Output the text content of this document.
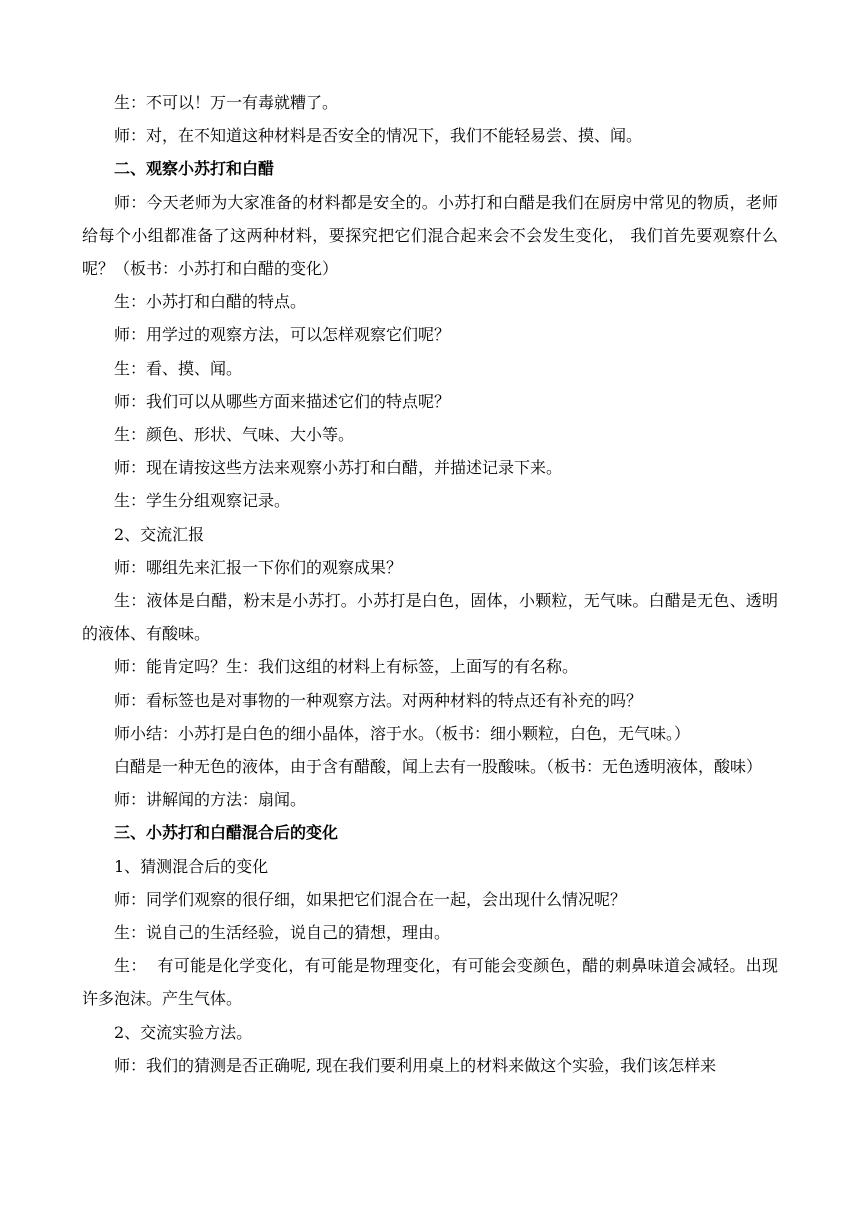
生：不可以！万一有毒就糟了。

师：对，在不知道这种材料是否安全的情况下，我们不能轻易尝、摸、闻。

二、观察小苏打和白醋

师：今天老师为大家准备的材料都是安全的。小苏打和白醋是我们在厨房中常见的物质，老师给每个小组都准备了这两种材料，要探究把它们混合起来会不会发生变化， 我们首先要观察什么呢？（板书：小苏打和白醋的变化）

生：小苏打和白醋的特点。

师：用学过的观察方法，可以怎样观察它们呢？

生：看、摸、闻。

师：我们可以从哪些方面来描述它们的特点呢？

生：颜色、形状、气味、大小等。

师：现在请按这些方法来观察小苏打和白醋，并描述记录下来。

生：学生分组观察记录。

2、交流汇报

师：哪组先来汇报一下你们的观察成果？

生：液体是白醋，粉末是小苏打。小苏打是白色，固体，小颗粒，无气味。白醋是无色、透明的液体、有酸味。

师：能肯定吗？生：我们这组的材料上有标签，上面写的有名称。

师：看标签也是对事物的一种观察方法。对两种材料的特点还有补充的吗？

师小结：小苏打是白色的细小晶体，溶于水。（板书：细小颗粒，白色，无气味。）

白醋是一种无色的液体，由于含有醋酸，闻上去有一股酸味。（板书：无色透明液体，酸味）

师：讲解闻的方法：扇闻。

三、小苏打和白醋混合后的变化

1、猜测混合后的变化

师：同学们观察的很仔细，如果把它们混合在一起，会出现什么情况呢？

生：说自己的生活经验，说自己的猜想，理由。

生：  有可能是化学变化，有可能是物理变化，有可能会变颜色，醋的刺鼻味道会减轻。出现许多泡沫。产生气体。

2、交流实验方法。

师：我们的猜测是否正确呢, 现在我们要利用桌上的材料来做这个实验，我们该怎样来
